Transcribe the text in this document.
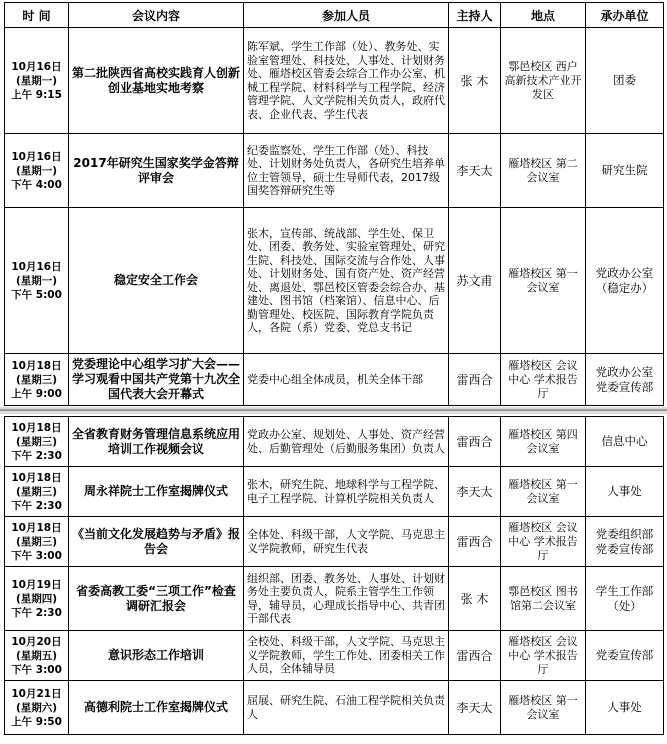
时 间	会议内容	参加人员	主持人	地点	承办单位

10月16日
(星期一)
上午 9:15	第二批陕西省高校实践育人创新创业基地实地考察	陈军斌、学生工作部（处）、教务处、实验室管理处、科技处、人事处、计划财务处、雁塔校区管委会综合工作办公室、机械工程学院、材料科学与工程学院、经济管理学院、人文学院相关负责人，政府代表、企业代表、学生代表	张 木	鄠邑校区 西户高新技术产业开发区	团委

10月16日
(星期一)
下午 4:00	2017年研究生国家奖学金答辩评审会	纪委监察处、学生工作部（处）、科技处、计划财务处负责人，各研究生培养单位主管领导，硕士生导师代表，2017级国奖答辩研究生等	李天太	雁塔校区 第二会议室	研究生院

10月16日
(星期一)
下午 5:00	稳定安全工作会	张木，宣传部、统战部、学生处、保卫处、团委、教务处、实验室管理处、研究生院、科技处、国际交流与合作处、人事处、计划财务处、国有资产处、资产经营处、离退处、鄠邑校区管委会综合办、基建处、图书馆（档案馆）、信息中心、后勤管理处、校医院、国际教育学院负责人，各院（系）党委、党总支书记	苏文甫	雁塔校区 第一会议室	党政办公室（稳定办）

10月18日
(星期三)
上午 9:00	党委理论中心组学习扩大会——学习观看中国共产党第十九次全国代表大会开幕式	党委中心组全体成员，机关全体干部	雷西合	雁塔校区 会议中心 学术报告厅	党政办公室 党委宣传部
10月18日
(星期三)
下午 2:30	全省教育财务管理信息系统应用培训工作视频会议	党政办公室、规划处、人事处、资产经营处、后勤管理处（后勤服务集团）负责人	雷西合	雁塔校区 第四会议室	信息中心

10月18日
(星期三)
下午 2:30	周永祥院士工作室揭牌仪式	张木，研究生院、地球科学与工程学院、电子工程学院、计算机学院相关负责人	李天太	雁塔校区 第一会议室	人事处

10月18日
(星期三)
下午 3:00	《当前文化发展趋势与矛盾》报告会	全体处、科级干部，人文学院、马克思主义学院教师，研究生代表	雷西合	雁塔校区 会议中心 学术报告厅	党委组织部 党委宣传部

10月19日
(星期四)
下午 2:30	省委高教工委“三项工作”检查调研汇报会	组织部、团委、教务处、人事处、计划财务处主要负责人，院系主管学生工作领导，辅导员，心理成长指导中心、共青团干部代表	张 木	鄠邑校区 图书馆第二会议室	学生工作部（处）

10月20日
(星期五)
下午 3:00	意识形态工作培训	全校处、科级干部，人文学院、马克思主义学院教师，学生工作处、团委相关工作人员，全体辅导员	雷西合	雁塔校区 会议中心 学术报告厅	党委宣传部

10月21日
(星期六)
上午 9:50	高德利院士工作室揭牌仪式	屈展、研究生院、石油工程学院相关负责人	李天太	雁塔校区 第一会议室	人事处
